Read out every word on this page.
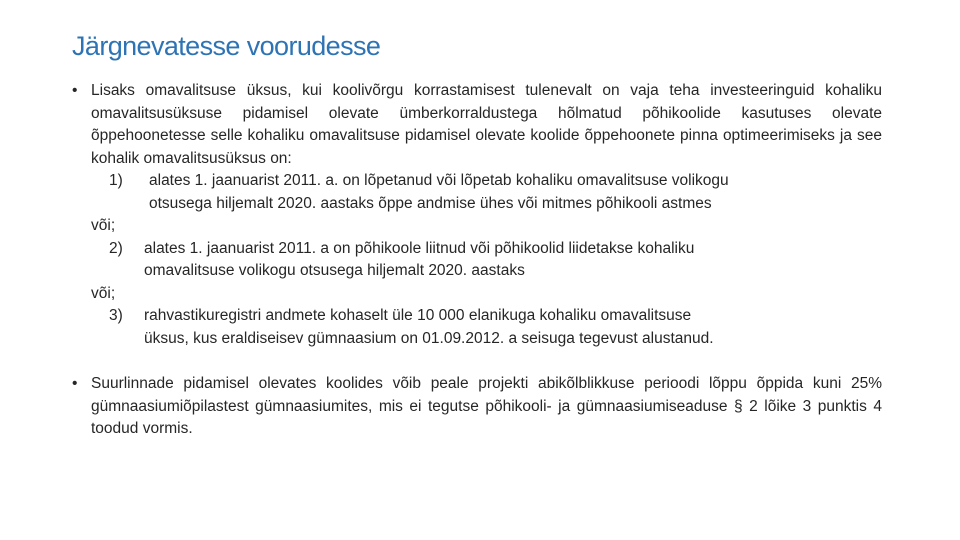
Järgnevatesse voorudesse
• Lisaks omavalitsuse üksus, kui koolivõrgu korrastamisest tulenevalt on vaja teha investeeringuid kohaliku omavalitsusüksuse pidamisel olevate ümberkorraldustega hõlmatud põhikoolide kasutuses olevate õppehoonetesse selle kohaliku omavalitsuse pidamisel olevate koolide õppehoonete pinna optimeerimiseks ja see kohalik omavalitsusüksus on:
1) alates 1. jaanuarist 2011. a. on lõpetanud või lõpetab kohaliku omavalitsuse volikogu
otsusega hiljemalt 2020. aastaks õppe andmise ühes või mitmes põhikooli astmes
või;
2) alates 1. jaanuarist 2011. a on põhikoole liitnud või põhikoolid liidetakse kohaliku
omavalitsuse volikogu otsusega hiljemalt 2020. aastaks
või;
3) rahvastikuregistri andmete kohaselt üle 10 000 elanikuga kohaliku omavalitsuse
üksus, kus eraldiseisev gümnaasium on 01.09.2012. a seisuga tegevust alustanud.
• Suurlinnade pidamisel olevates koolides võib peale projekti abikõlblikkuse perioodi lõppu õppida kuni 25% gümnaasiumiõpilastest gümnaasiumites, mis ei tegutse põhikooli- ja gümnaasiumiseaduse § 2 lõike 3 punktis 4 toodud vormis.
